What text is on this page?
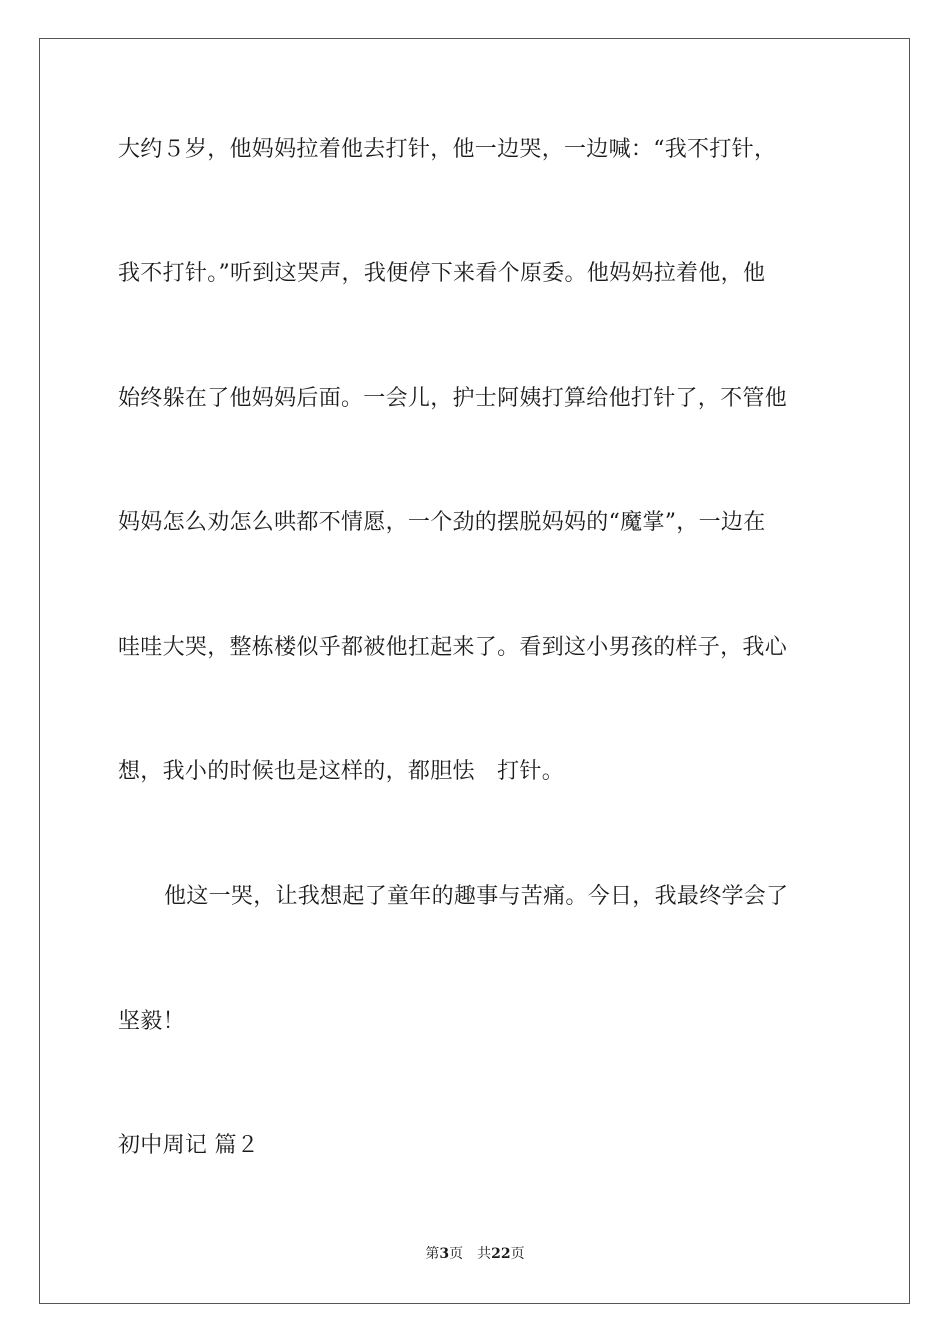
大约５岁，他妈妈拉着他去打针，他一边哭，一边喊：“我不打针，
我不打针。”听到这哭声，我便停下来看个原委。他妈妈拉着他，他
始终躲在了他妈妈后面。一会儿，护士阿姨打算给他打针了，不管他
妈妈怎么劝怎么哄都不情愿，一个劲的摆脱妈妈的“魔掌”，一边在
哇哇大哭，整栋楼似乎都被他扛起来了。看到这小男孩的样子，我心
想，我小的时候也是这样的，都胆怯　打针。
他这一哭，让我想起了童年的趣事与苦痛。今日，我最终学会了
坚毅！
初中周记 篇２
第3页 共22页
